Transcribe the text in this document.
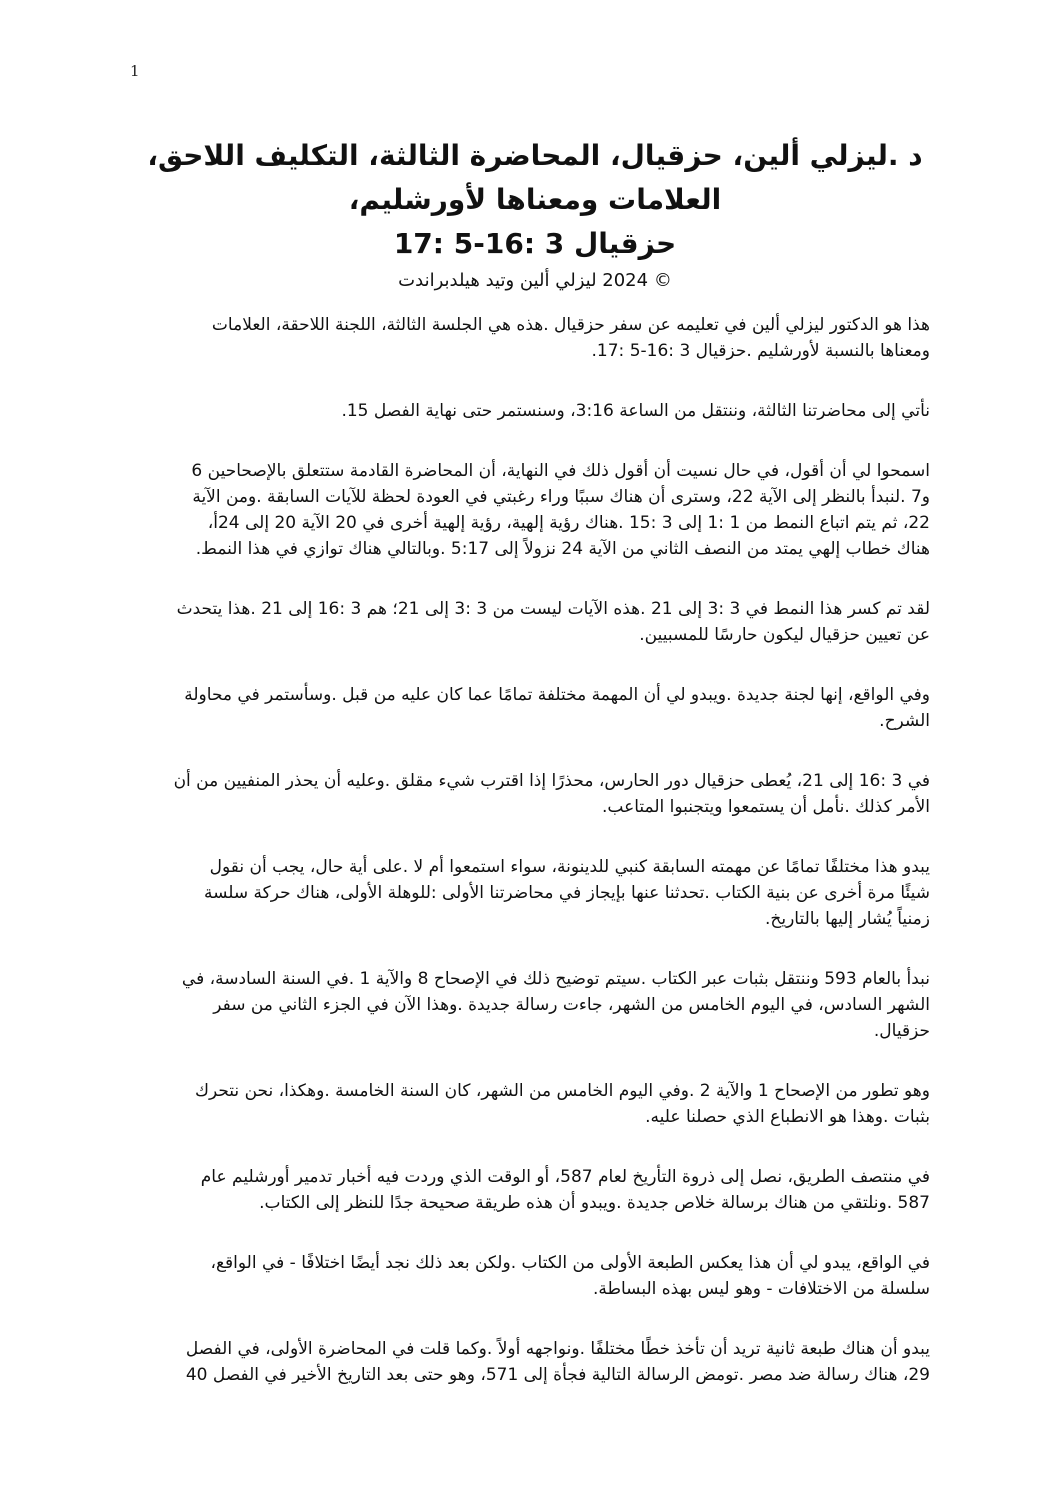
1
د .ليزلي ألين، حزقيال، المحاضرة الثالثة، التكليف اللاحق،
العلامات ومعناها لأورشليم،
حزقيال 3 :16-5 :17
© 2024 ليزلي ألين وتيد هيلدبراندت

هذا هو الدكتور ليزلي ألين في تعليمه عن سفر حزقيال .هذه هي الجلسة الثالثة، اللجنة اللاحقة، العلامات
ومعناها بالنسبة لأورشليم .حزقيال 3 :16-5 :17.

نأتي إلى محاضرتنا الثالثة، وننتقل من الساعة 3:16، وسنستمر حتى نهاية الفصل 15.

اسمحوا لي أن أقول، في حال نسيت أن أقول ذلك في النهاية، أن المحاضرة القادمة ستتعلق بالإصحاحين 6
و7 .لنبدأ بالنظر إلى الآية 22، وسترى أن هناك سببًا وراء رغبتي في العودة لحظة للآيات السابقة .ومن الآية
22، ثم يتم اتباع النمط من 1 :1 إلى 3 :15 .هناك رؤية إلهية، رؤية إلهية أخرى في 20 الآية 20 إلى 24أ،
هناك خطاب إلهي يمتد من النصف الثاني من الآية 24 نزولاً إلى 5:17 .وبالتالي هناك توازي في هذا النمط.

لقد تم كسر هذا النمط في 3 :3 إلى 21 .هذه الآيات ليست من 3 :3 إلى 21؛ هم 3 :16 إلى 21 .هذا يتحدث
عن تعيين حزقيال ليكون حارسًا للمسبيين.

وفي الواقع، إنها لجنة جديدة .ويبدو لي أن المهمة مختلفة تمامًا عما كان عليه من قبل .وسأستمر في محاولة
الشرح.

في 3 :16 إلى 21، يُعطى حزقيال دور الحارس، محذرًا إذا اقترب شيء مقلق .وعليه أن يحذر المنفيين من أن
الأمر كذلك .نأمل أن يستمعوا ويتجنبوا المتاعب.

يبدو هذا مختلفًا تمامًا عن مهمته السابقة كنبي للدينونة، سواء استمعوا أم لا .على أية حال، يجب أن نقول
شيئًا مرة أخرى عن بنية الكتاب .تحدثنا عنها بإيجاز في محاضرتنا الأولى :للوهلة الأولى، هناك حركة سلسة
زمنياً يُشار إليها بالتاريخ.

نبدأ بالعام 593 وننتقل بثبات عبر الكتاب .سيتم توضيح ذلك في الإصحاح 8 والآية 1 .في السنة السادسة، في
الشهر السادس، في اليوم الخامس من الشهر، جاءت رسالة جديدة .وهذا الآن في الجزء الثاني من سفر
حزقيال.

وهو تطور من الإصحاح 1 والآية 2 .وفي اليوم الخامس من الشهر، كان السنة الخامسة .وهكذا، نحن نتحرك
بثبات .وهذا هو الانطباع الذي حصلنا عليه.

في منتصف الطريق، نصل إلى ذروة التأريخ لعام 587، أو الوقت الذي وردت فيه أخبار تدمير أورشليم عام
587 .ونلتقي من هناك برسالة خلاص جديدة .ويبدو أن هذه طريقة صحيحة جدًا للنظر إلى الكتاب.

في الواقع، يبدو لي أن هذا يعكس الطبعة الأولى من الكتاب .ولكن بعد ذلك نجد أيضًا اختلافًا - في الواقع،
سلسلة من الاختلافات - وهو ليس بهذه البساطة.

يبدو أن هناك طبعة ثانية تريد أن تأخذ خطًا مختلفًا .ونواجهه أولاً .وكما قلت في المحاضرة الأولى، في الفصل
29، هناك رسالة ضد مصر .تومض الرسالة التالية فجأة إلى 571، وهو حتى بعد التاريخ الأخير في الفصل 40
